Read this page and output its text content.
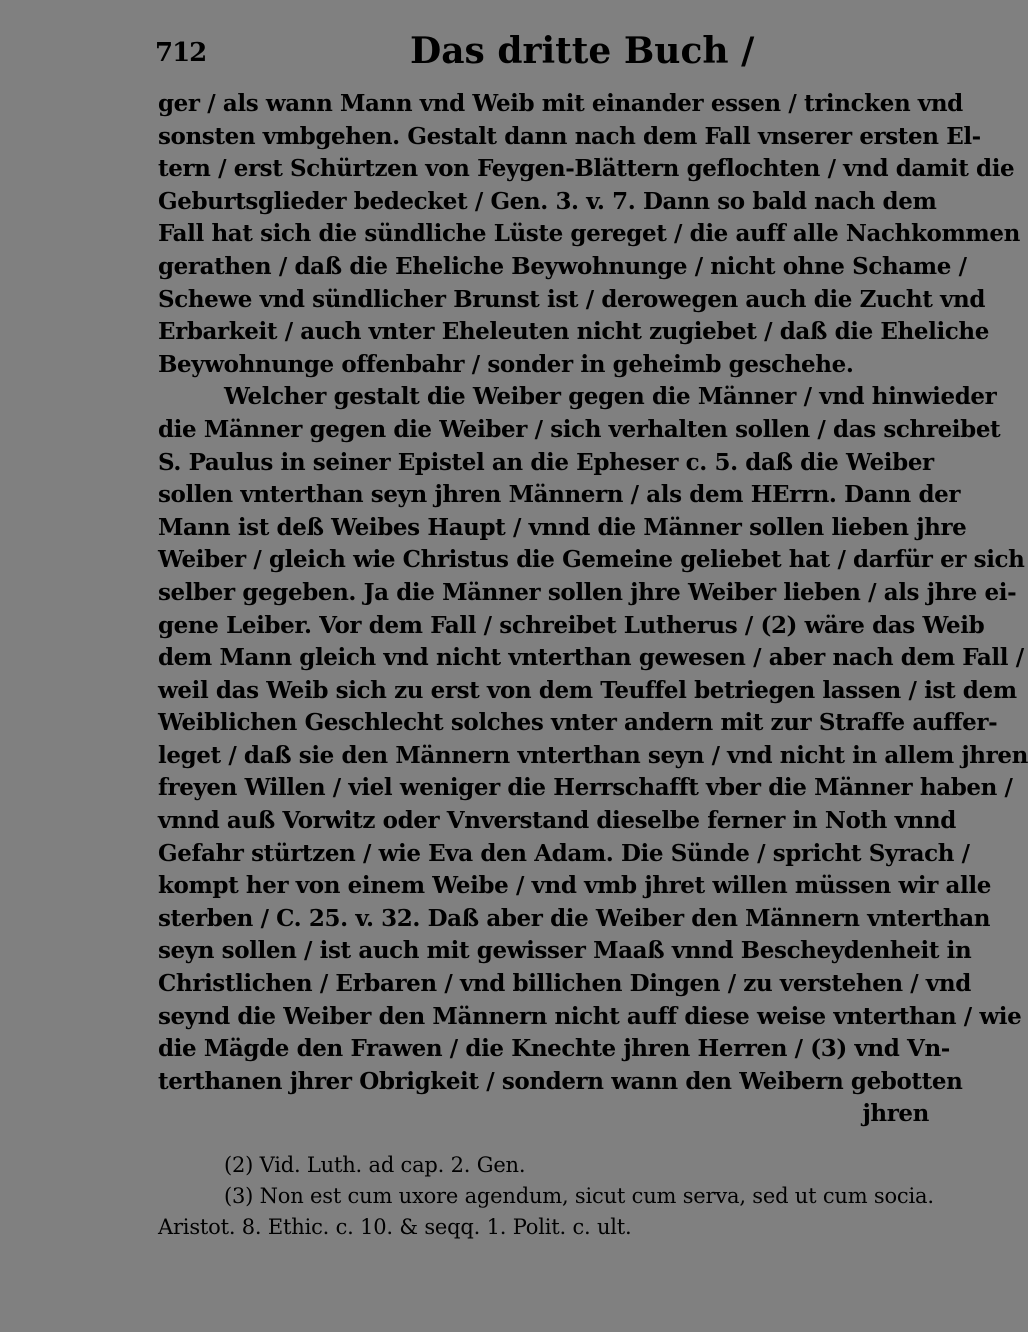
712	Das dritte Buch /
ger / als wann Mann vnd Weib mit einander essen / trincken vnd
sonsten vmbgehen. Gestalt dann nach dem Fall vnserer ersten El-
tern / erst Schürtzen von Feygen-Blättern geflochten / vnd damit die
Geburtsglieder bedecket / Gen. 3. v. 7. Dann so bald nach dem
Fall hat sich die sündliche Lüste gereget / die auff alle Nachkommen
gerathen / daß die Eheliche Beywohnunge / nicht ohne Schame /
Schewe vnd sündlicher Brunst ist / derowegen auch die Zucht vnd
Erbarkeit / auch vnter Eheleuten nicht zugiebet / daß die Eheliche
Beywohnunge offenbahr / sonder in geheimb geschehe.
Welcher gestalt die Weiber gegen die Männer / vnd hinwieder
die Männer gegen die Weiber / sich verhalten sollen / das schreibet
S. Paulus in seiner Epistel an die Epheser c. 5. daß die Weiber
sollen vnterthan seyn jhren Männern / als dem HErrn. Dann der
Mann ist deß Weibes Haupt / vnnd die Männer sollen lieben jhre
Weiber / gleich wie Christus die Gemeine geliebet hat / darfür er sich
selber gegeben. Ja die Männer sollen jhre Weiber lieben / als jhre ei-
gene Leiber. Vor dem Fall / schreibet Lutherus / (2) wäre das Weib
dem Mann gleich vnd nicht vnterthan gewesen / aber nach dem Fall /
weil das Weib sich zu erst von dem Teuffel betriegen lassen / ist dem
Weiblichen Geschlecht solches vnter andern mit zur Straffe auffer-
leget / daß sie den Männern vnterthan seyn / vnd nicht in allem jhren
freyen Willen / viel weniger die Herrschafft vber die Männer haben /
vnnd auß Vorwitz oder Vnverstand dieselbe ferner in Noth vnnd
Gefahr stürtzen / wie Eva den Adam. Die Sünde / spricht Syrach /
kompt her von einem Weibe / vnd vmb jhret willen müssen wir alle
sterben / C. 25. v. 32. Daß aber die Weiber den Männern vnterthan
seyn sollen / ist auch mit gewisser Maaß vnnd Bescheydenheit in
Christlichen / Erbaren / vnd billichen Dingen / zu verstehen / vnd
seynd die Weiber den Männern nicht auff diese weise vnterthan / wie
die Mägde den Frawen / die Knechte jhren Herren / (3) vnd Vn-
terthanen jhrer Obrigkeit / sondern wann den Weibern gebotten
jhren
(2) Vid. Luth. ad cap. 2. Gen.
(3) Non est cum uxore agendum, sicut cum serva, sed ut cum socia.
Aristot. 8. Ethic. c. 10. & seqq. 1. Polit. c. ult.
